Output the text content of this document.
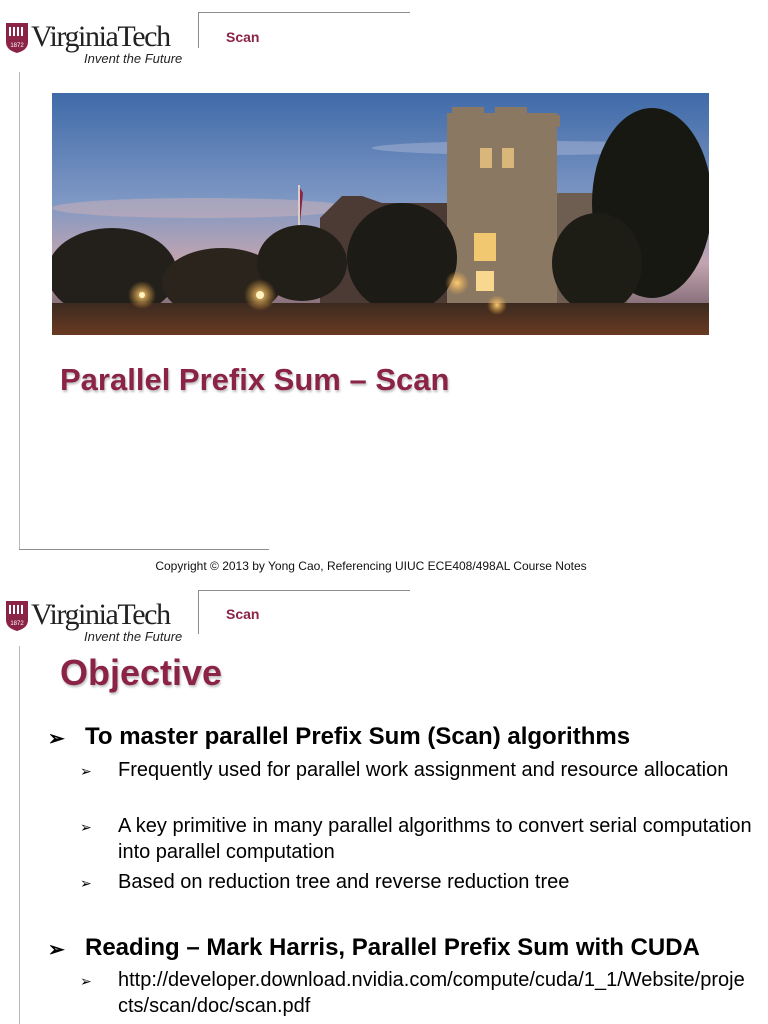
1872 VirginiaTech
Invent the Future
Scan
Parallel Prefix Sum – Scan
Copyright © 2013 by Yong Cao, Referencing UIUC ECE408/498AL Course Notes
1872 VirginiaTech
Invent the Future
Scan
Objective
➢ To master parallel Prefix Sum (Scan) algorithms
➢ Frequently used for parallel work assignment and resource allocation
➢ A key primitive in many parallel algorithms to convert serial computation into parallel computation
➢ Based on reduction tree and reverse reduction tree
➢ Reading – Mark Harris, Parallel Prefix Sum with CUDA
➢ http://developer.download.nvidia.com/compute/cuda/1_1/Website/projects/scan/doc/scan.pdf
